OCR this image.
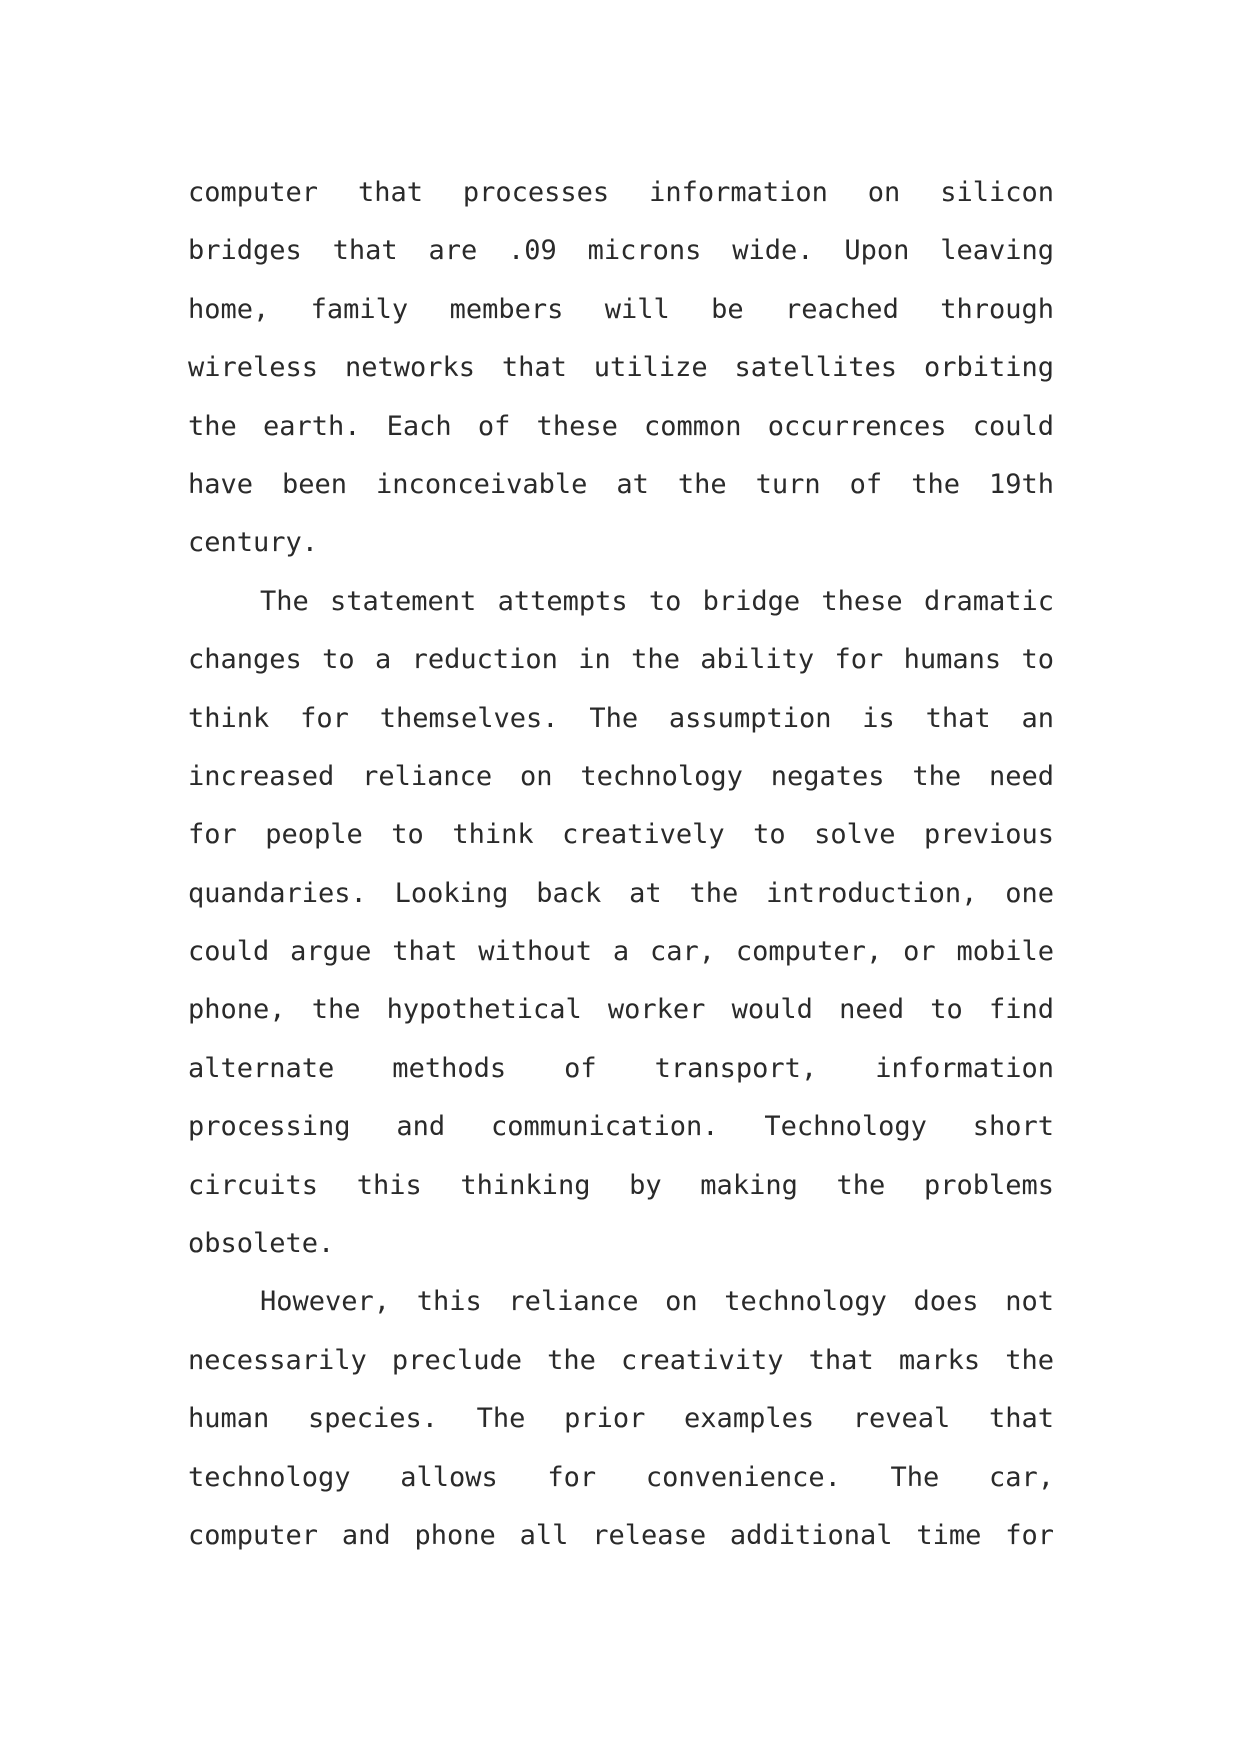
computer that processes information on silicon
bridges that are .09 microns wide. Upon leaving
home, family members will be reached through
wireless networks that utilize satellites orbiting
the earth. Each of these common occurrences could
have been inconceivable at the turn of the 19th
century.
The statement attempts to bridge these dramatic
changes to a reduction in the ability for humans to
think for themselves. The assumption is that an
increased reliance on technology negates the need
for people to think creatively to solve previous
quandaries. Looking back at the introduction, one
could argue that without a car, computer, or mobile
phone, the hypothetical worker would need to find
alternate methods of transport, information
processing and communication. Technology short
circuits this thinking by making the problems
obsolete.
However, this reliance on technology does not
necessarily preclude the creativity that marks the
human species. The prior examples reveal that
technology allows for convenience. The car,
computer and phone all release additional time for
